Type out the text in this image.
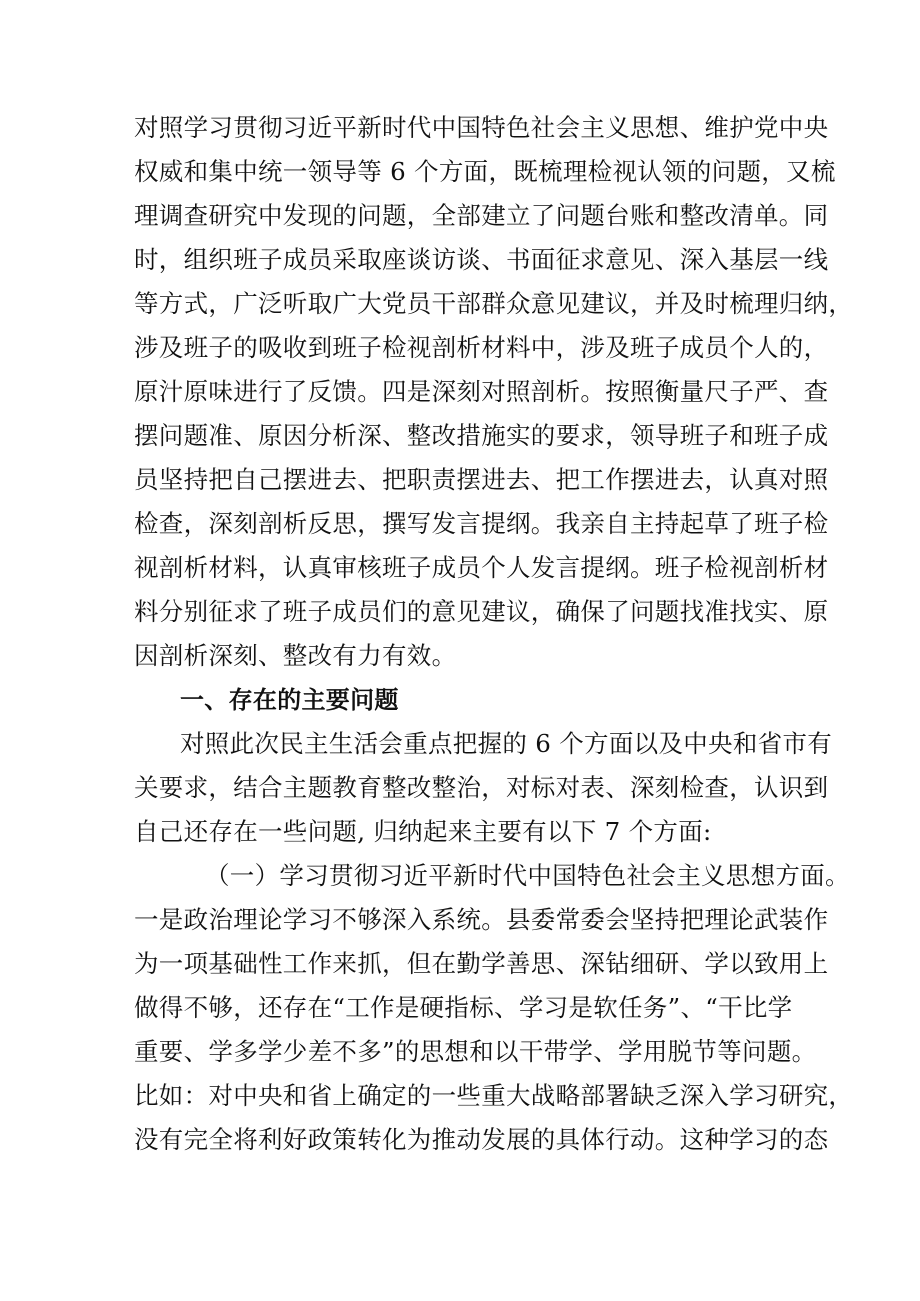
对照学习贯彻习近平新时代中国特色社会主义思想、维护党中央
权威和集中统一领导等 6 个方面，既梳理检视认领的问题，又梳
理调查研究中发现的问题，全部建立了问题台账和整改清单。同
时，组织班子成员采取座谈访谈、书面征求意见、深入基层一线
等方式，广泛听取广大党员干部群众意见建议，并及时梳理归纳，
涉及班子的吸收到班子检视剖析材料中，涉及班子成员个人的，
原汁原味进行了反馈。四是深刻对照剖析。按照衡量尺子严、查
摆问题准、原因分析深、整改措施实的要求，领导班子和班子成
员坚持把自己摆进去、把职责摆进去、把工作摆进去，认真对照
检查，深刻剖析反思，撰写发言提纲。我亲自主持起草了班子检
视剖析材料，认真审核班子成员个人发言提纲。班子检视剖析材
料分别征求了班子成员们的意见建议，确保了问题找准找实、原
因剖析深刻、整改有力有效。
一、存在的主要问题
对照此次民主生活会重点把握的 6 个方面以及中央和省市有
关要求，结合主题教育整改整治，对标对表、深刻检查，认识到
自己还存在一些问题, 归纳起来主要有以下 7 个方面:
（一）学习贯彻习近平新时代中国特色社会主义思想方面。
一是政治理论学习不够深入系统。县委常委会坚持把理论武装作
为一项基础性工作来抓，但在勤学善思、深钻细研、学以致用上
做得不够，还存在“工作是硬指标、学习是软任务”、“干比学
重要、学多学少差不多”的思想和以干带学、学用脱节等问题。
比如：对中央和省上确定的一些重大战略部署缺乏深入学习研究，
没有完全将利好政策转化为推动发展的具体行动。这种学习的态
